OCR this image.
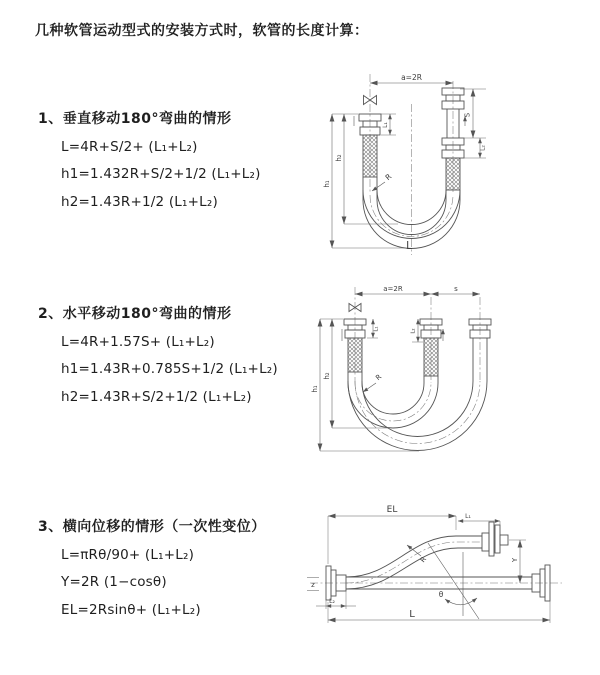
几种软管运动型式的安装方式时，软管的长度计算：
1、垂直移动180°弯曲的情形
L=4R+S/2+ (L₁+L₂)
h1=1.432R+S/2+1/2 (L₁+L₂)
h2=1.43R+1/2 (L₁+L₂)
2、水平移动180°弯曲的情形
L=4R+1.57S+ (L₁+L₂)
h1=1.43R+0.785S+1/2 (L₁+L₂)
h2=1.43R+S/2+1/2 (L₁+L₂)
3、横向位移的情形（一次性变位）
L=πRθ/90+ (L₁+L₂)
Y=2R (1−cosθ)
EL=2Rsinθ+ (L₁+L₂)
a=2R
h₁
h₂
L₁
S
L₂
R
L
a=2R	s
h₁
h₂
L₁	L₂
R
z
EL
L₁
Y
θ
R
L₂
L
